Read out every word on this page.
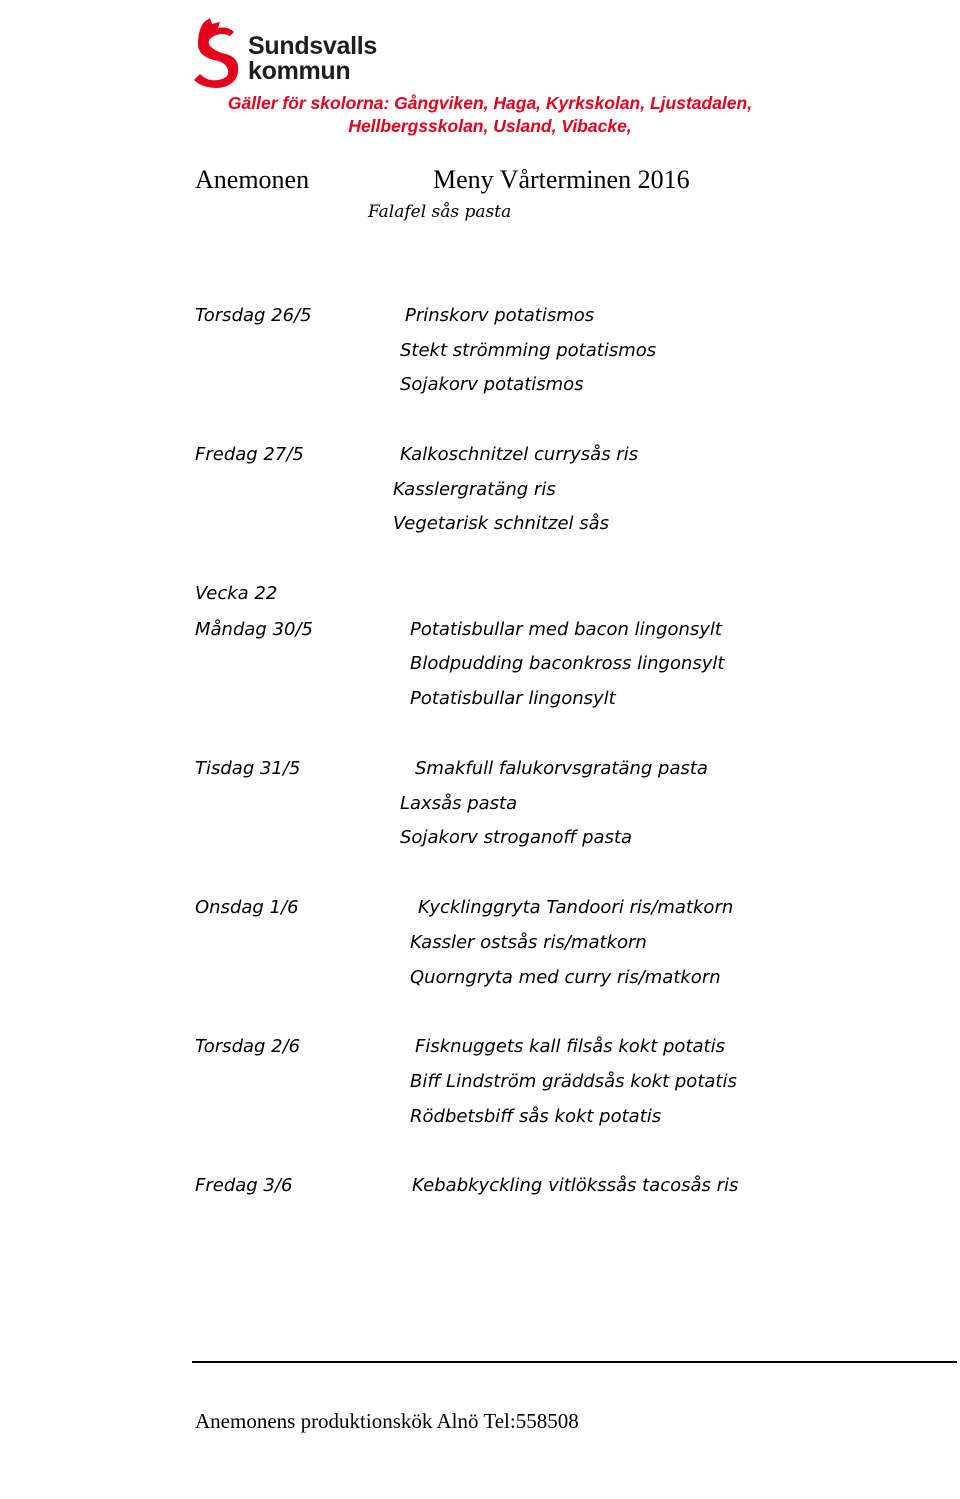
Sundsvalls
kommun
Gäller för skolorna: Gångviken, Haga, Kyrkskolan, Ljustadalen,
Hellbergsskolan, Usland, Vibacke,
Anemonen	Meny Vårterminen 2016
Falafel sås pasta
Torsdag 26/5
Fredag 27/5
Vecka 22
Måndag 30/5
Tisdag 31/5
Onsdag 1/6
Torsdag 2/6
Fredag 3/6
Prinskorv potatismos
Stekt strömming potatismos
Sojakorv potatismos
Kalkoschnitzel currysås ris
Kasslergratäng ris
Vegetarisk schnitzel sås
Potatisbullar med bacon lingonsylt
Blodpudding baconkross lingonsylt
Potatisbullar lingonsylt
Smakfull falukorvsgratäng pasta
Laxsås pasta
Sojakorv stroganoff pasta
Kycklinggryta Tandoori ris/matkorn
Kassler ostsås ris/matkorn
Quorngryta med curry ris/matkorn
Fisknuggets kall filsås kokt potatis
Biff Lindström gräddsås kokt potatis
Rödbetsbiff sås kokt potatis
Kebabkyckling vitlökssås tacosås ris
Anemonens produktionskök Alnö Tel:558508
